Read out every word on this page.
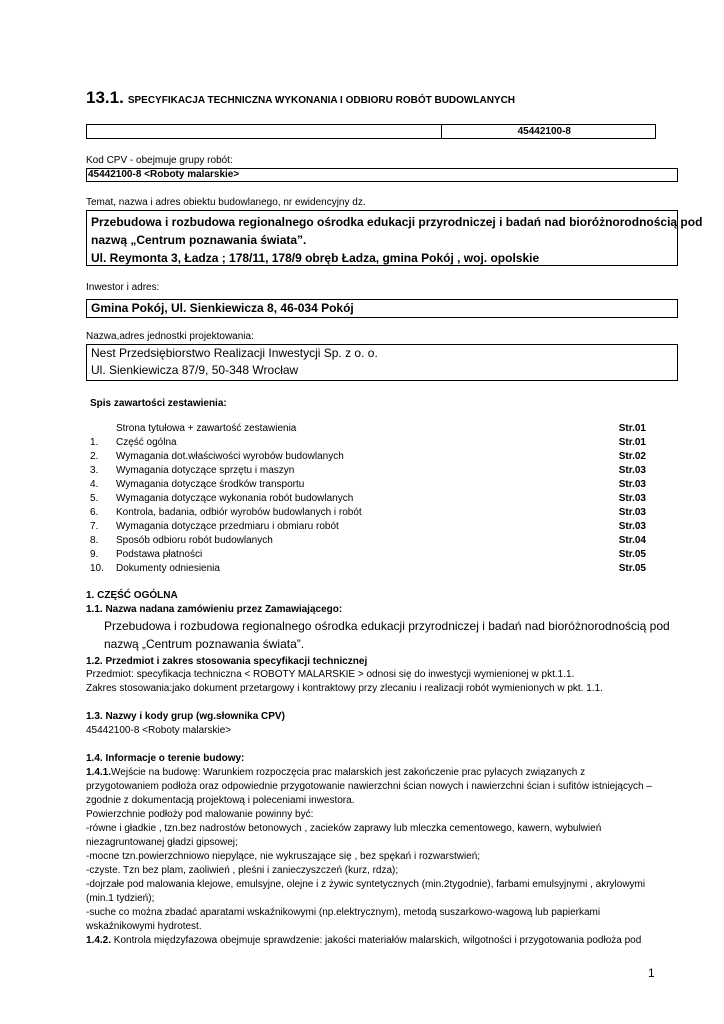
13.1. SPECYFIKACJA TECHNICZNA WYKONANIA I ODBIORU ROBÓT BUDOWLANYCH
45442100-8
Kod CPV - obejmuje grupy robót:
45442100-8 <Roboty malarskie>
Temat, nazwa i adres obiektu budowlanego, nr ewidencyjny dz.
Przebudowa i rozbudowa regionalnego ośrodka edukacji przyrodniczej i badań nad bioróżnorodnością pod
nazwą „Centrum poznawania świata”.
Ul. Reymonta 3, Ładza ; 178/11, 178/9 obręb Ładza, gmina Pokój , woj. opolskie
Inwestor i adres:
Gmina Pokój, Ul. Sienkiewicza 8, 46-034 Pokój
Nazwa,adres jednostki projektowania:
Nest Przedsiębiorstwo Realizacji Inwestycji Sp. z o. o.
Ul. Sienkiewicza 87/9, 50-348 Wrocław
Spis zawartości zestawienia:
Strona tytułowa + zawartość zestawienia	Str.01
1.	Część ogólna	Str.01
2.	Wymagania dot.właściwości wyrobów budowlanych	Str.02
3.	Wymagania dotyczące sprzętu i maszyn	Str.03
4.	Wymagania dotyczące środków transportu	Str.03
5.	Wymagania dotyczące wykonania robót budowlanych	Str.03
6.	Kontrola, badania, odbiór wyrobów budowlanych i robót	Str.03
7.	Wymagania dotyczące przedmiaru i obmiaru robót	Str.03
8.	Sposób odbioru robót budowlanych	Str.04
9.	Podstawa płatności	Str.05
10.	Dokumenty odniesienia	Str.05
1. CZĘŚĆ OGÓLNA
1.1. Nazwa nadana zamówieniu przez Zamawiającego:
Przebudowa i rozbudowa regionalnego ośrodka edukacji przyrodniczej i badań nad bioróżnorodnością pod
nazwą „Centrum poznawania świata”.
1.2. Przedmiot i zakres stosowania specyfikacji technicznej
Przedmiot: specyfikacja techniczna < ROBOTY MALARSKIE > odnosi się do inwestycji wymienionej w pkt.1.1.
Zakres stosowania:jako dokument przetargowy i kontraktowy przy zlecaniu i realizacji robót wymienionych w pkt. 1.1.
1.3. Nazwy i kody grup (wg.słownika CPV)
45442100-8 <Roboty malarskie>
1.4. Informacje o terenie budowy:
1.4.1.Wejście na budowę: Warunkiem rozpoczęcia prac malarskich jest zakończenie prac pylacych związanych z
przygotowaniem podłoża oraz odpowiednie przygotowanie nawierzchni ścian nowych i nawierzchni ścian i sufitów istniejących –
zgodnie z dokumentacją projektową i poleceniami inwestora.
Powierzchnie podłoży pod malowanie powinny być:
-równe i gładkie , tzn.bez nadrostów betonowych , zacieków zaprawy lub mleczka cementowego, kawern, wybulwień
niezagruntowanej gładzi gipsowej;
-mocne tzn.powierzchniowo niepylące, nie wykruszające się , bez spękań i rozwarstwień;
-czyste. Tzn bez plam, zaoliwień , pleśni i zanieczyszczeń (kurz, rdza);
-dojrzałe pod malowania klejowe, emulsyjne, olejne i z żywic syntetycznych (min.2tygodnie), farbami emulsyjnymi , akrylowymi
(min.1 tydzień);
-suche co można zbadać aparatami wskaźnikowymi (np.elektrycznym), metodą suszarkowo-wagową lub papierkami
wskaźnikowymi hydrotest.
1.4.2. Kontrola międzyfazowa obejmuje sprawdzenie: jakości materiałów malarskich, wilgotności i przygotowania podłoża pod
1
